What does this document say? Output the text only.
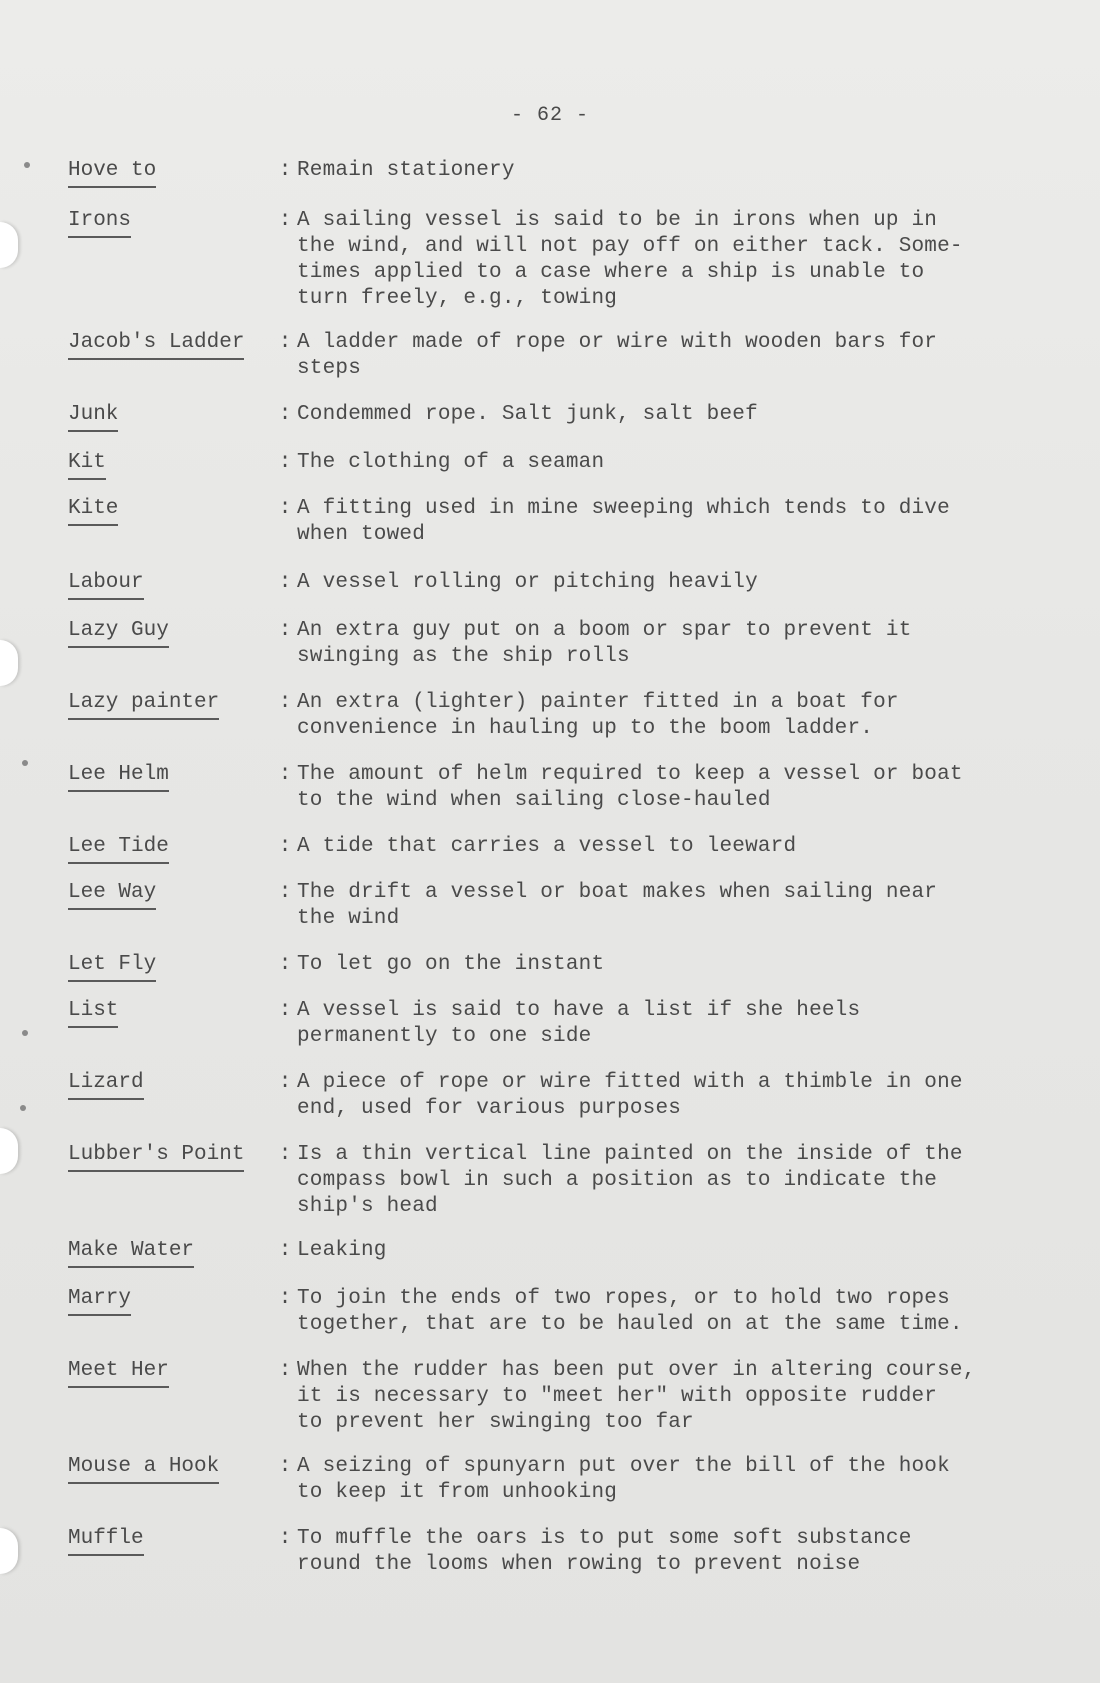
- 62 -
Hove to	: Remain stationery
Irons	: A sailing vessel is said to be in irons when up in
the wind, and will not pay off on either tack. Some-
times applied to a case where a ship is unable to
turn freely, e.g., towing
Jacob's Ladder	: A ladder made of rope or wire with wooden bars for
steps
Junk	: Condemmed rope. Salt junk, salt beef
Kit	: The clothing of a seaman
Kite	: A fitting used in mine sweeping which tends to dive
when towed
Labour	: A vessel rolling or pitching heavily
Lazy Guy	: An extra guy put on a boom or spar to prevent it
swinging as the ship rolls
Lazy painter	: An extra (lighter) painter fitted in a boat for
convenience in hauling up to the boom ladder.
Lee Helm	: The amount of helm required to keep a vessel or boat
to the wind when sailing close-hauled
Lee Tide	: A tide that carries a vessel to leeward
Lee Way	: The drift a vessel or boat makes when sailing near
the wind
Let Fly	: To let go on the instant
List	: A vessel is said to have a list if she heels
permanently to one side
Lizard	: A piece of rope or wire fitted with a thimble in one
end, used for various purposes
Lubber's Point	: Is a thin vertical line painted on the inside of the
compass bowl in such a position as to indicate the
ship's head
Make Water	: Leaking
Marry	: To join the ends of two ropes, or to hold two ropes
together, that are to be hauled on at the same time.
Meet Her	: When the rudder has been put over in altering course,
it is necessary to "meet her" with opposite rudder
to prevent her swinging too far
Mouse a Hook	: A seizing of spunyarn put over the bill of the hook
to keep it from unhooking
Muffle	: To muffle the oars is to put some soft substance
round the looms when rowing to prevent noise
